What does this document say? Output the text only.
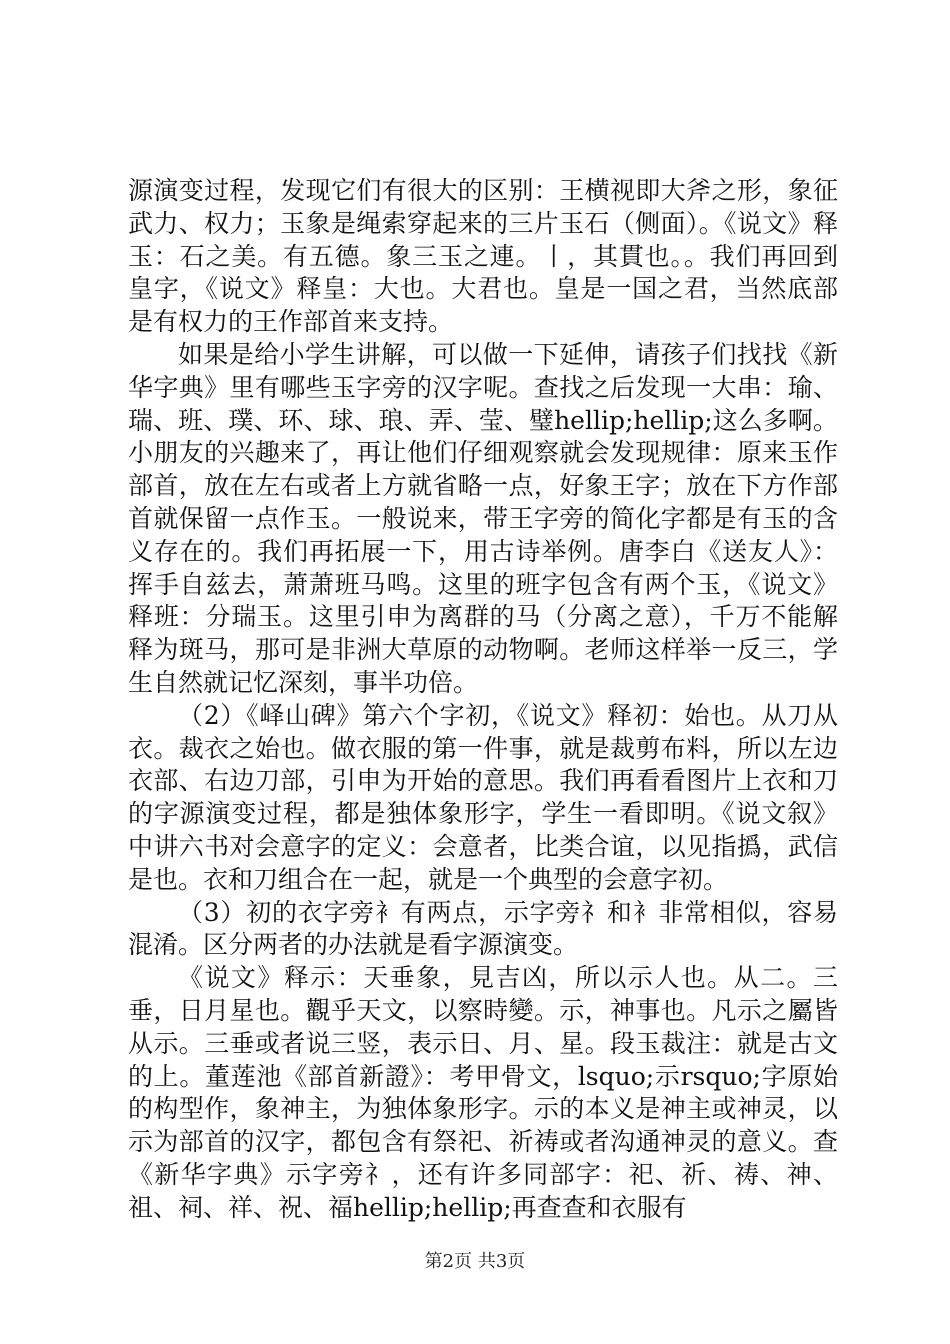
源演变过程，发现它们有很大的区别：王横视即大斧之形，象征武力、权力；玉象是绳索穿起来的三片玉石（侧面）。《说文》释玉：石之美。有五德。象三玉之連。丨，其貫也。。我们再回到皇字，《说文》释皇：大也。大君也。皇是一国之君，当然底部是有权力的王作部首来支持。

如果是给小学生讲解，可以做一下延伸，请孩子们找找《新华字典》里有哪些玉字旁的汉字呢。查找之后发现一大串：瑜、瑞、班、璞、环、球、琅、弄、莹、璧hellip;hellip;这么多啊。小朋友的兴趣来了，再让他们仔细观察就会发现规律：原来玉作部首，放在左右或者上方就省略一点，好象王字；放在下方作部首就保留一点作玉。一般说来，带王字旁的简化字都是有玉的含义存在的。我们再拓展一下，用古诗举例。唐李白《送友人》：挥手自兹去，萧萧班马鸣。这里的班字包含有两个玉，《说文》释班：分瑞玉。这里引申为离群的马（分离之意），千万不能解释为斑马，那可是非洲大草原的动物啊。老师这样举一反三，学生自然就记忆深刻，事半功倍。

（2）《峄山碑》第六个字初，《说文》释初：始也。从刀从衣。裁衣之始也。做衣服的第一件事，就是裁剪布料，所以左边衣部、右边刀部，引申为开始的意思。我们再看看图片上衣和刀的字源演变过程，都是独体象形字，学生一看即明。《说文叙》中讲六书对会意字的定义：会意者，比类合谊，以见指撝，武信是也。衣和刀组合在一起，就是一个典型的会意字初。

（3）初的衣字旁衤有两点，示字旁礻和衤非常相似，容易混淆。区分两者的办法就是看字源演变。

《说文》释示：天垂象，見吉凶，所以示人也。从二。三垂，日月星也。觀乎天文，以察時變。示，神事也。凡示之屬皆从示。三垂或者说三竖，表示日、月、星。段玉裁注：就是古文的上。董莲池《部首新證》：考甲骨文，lsquo;示rsquo;字原始的构型作，象神主，为独体象形字。示的本义是神主或神灵，以示为部首的汉字，都包含有祭祀、祈祷或者沟通神灵的意义。查《新华字典》示字旁礻，还有许多同部字：祀、祈、祷、神、祖、祠、祥、祝、福hellip;hellip;再查查和衣服有

第2页 共3页
